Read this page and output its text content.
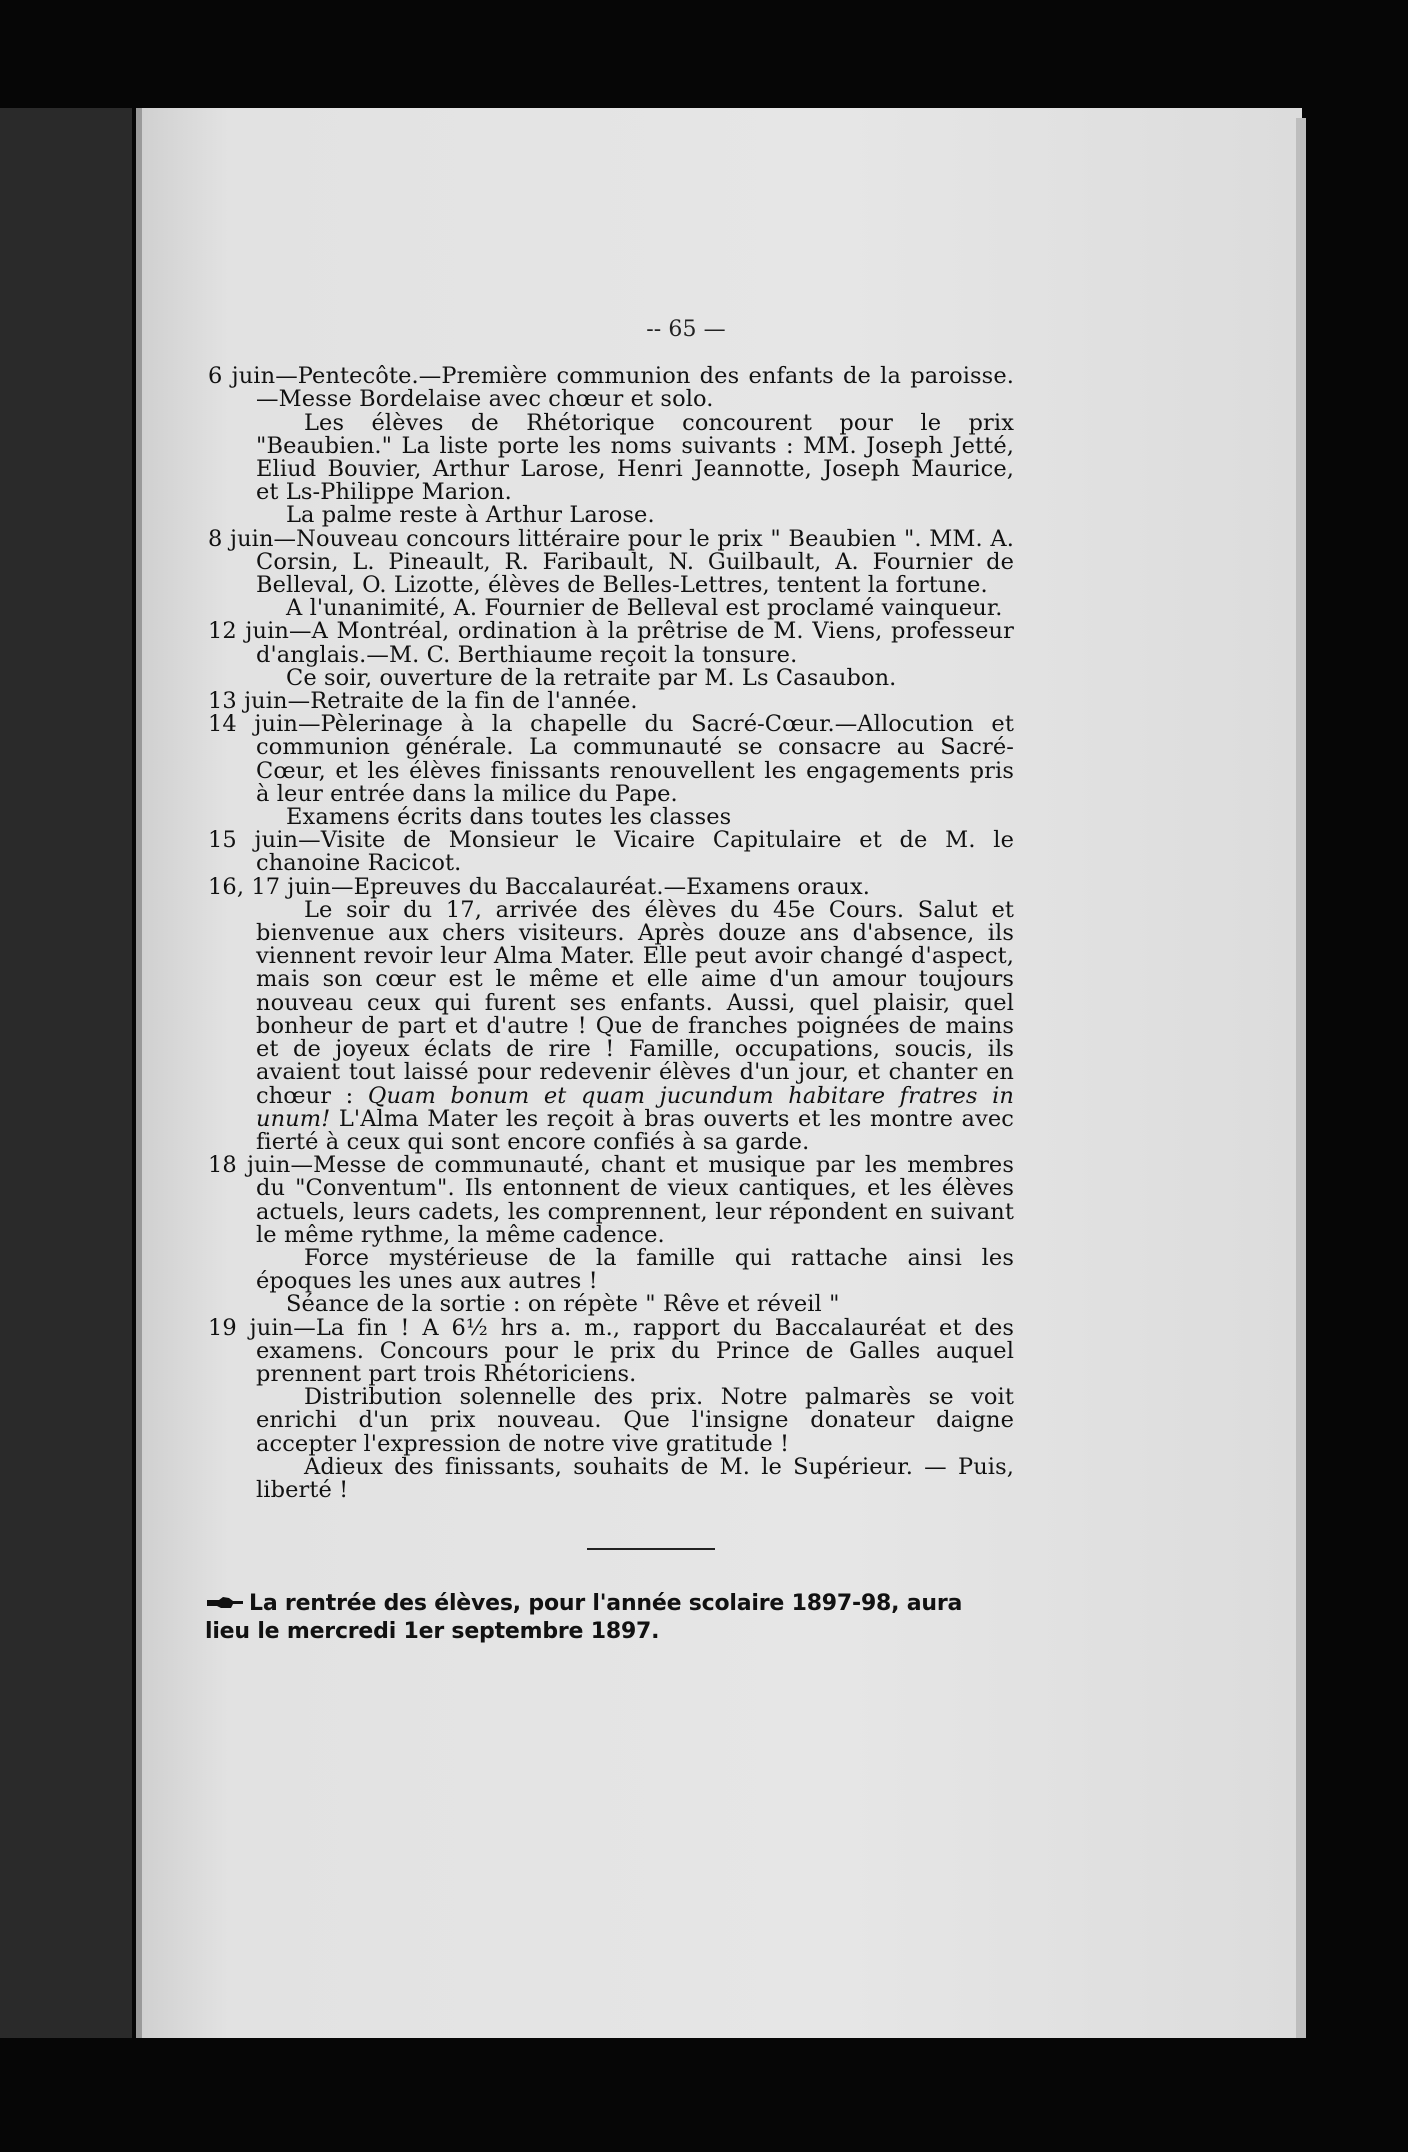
-- 65 —
6 juin—Pentecôte.—Première communion des enfants de la paroisse.—Messe Bordelaise avec chœur et solo.
Les élèves de Rhétorique concourent pour le prix "Beaubien." La liste porte les noms suivants : MM. Joseph Jetté, Eliud Bouvier, Arthur Larose, Henri Jeannotte, Joseph Maurice, et Ls-Philippe Marion.
La palme reste à Arthur Larose.
8 juin—Nouveau concours littéraire pour le prix " Beaubien ". MM. A. Corsin, L. Pineault, R. Faribault, N. Guilbault, A. Fournier de Belleval, O. Lizotte, élèves de Belles-Lettres, tentent la fortune.
A l'unanimité, A. Fournier de Belleval est proclamé vainqueur.
12 juin—A Montréal, ordination à la prêtrise de M. Viens, professeur d'anglais.—M. C. Berthiaume reçoit la tonsure.
Ce soir, ouverture de la retraite par M. Ls Casaubon.
13 juin—Retraite de la fin de l'année.
14 juin—Pèlerinage à la chapelle du Sacré-Cœur.—Allocution et communion générale. La communauté se consacre au Sacré-Cœur, et les élèves finissants renouvellent les engagements pris à leur entrée dans la milice du Pape.
Examens écrits dans toutes les classes
15 juin—Visite de Monsieur le Vicaire Capitulaire et de M. le chanoine Racicot.
16, 17 juin—Epreuves du Baccalauréat.—Examens oraux.
Le soir du 17, arrivée des élèves du 45e Cours. Salut et bienvenue aux chers visiteurs. Après douze ans d'absence, ils viennent revoir leur Alma Mater. Elle peut avoir changé d'aspect, mais son cœur est le même et elle aime d'un amour toujours nouveau ceux qui furent ses enfants. Aussi, quel plaisir, quel bonheur de part et d'autre ! Que de franches poignées de mains et de joyeux éclats de rire ! Famille, occupations, soucis, ils avaient tout laissé pour redevenir élèves d'un jour, et chanter en chœur : Quam bonum et quam jucundum habitare fratres in unum! L'Alma Mater les reçoit à bras ouverts et les montre avec fierté à ceux qui sont encore confiés à sa garde.
18 juin—Messe de communauté, chant et musique par les membres du "Conventum". Ils entonnent de vieux cantiques, et les élèves actuels, leurs cadets, les comprennent, leur répondent en suivant le même rythme, la même cadence.
Force mystérieuse de la famille qui rattache ainsi les époques les unes aux autres !
Séance de la sortie : on répète " Rêve et réveil "
19 juin—La fin ! A 6½ hrs a. m., rapport du Baccalauréat et des examens. Concours pour le prix du Prince de Galles auquel prennent part trois Rhétoriciens.
Distribution solennelle des prix. Notre palmarès se voit enrichi d'un prix nouveau. Que l'insigne donateur daigne accepter l'expression de notre vive gratitude !
Adieux des finissants, souhaits de M. le Supérieur. — Puis, liberté !
La rentrée des élèves, pour l'année scolaire 1897-98, aura lieu le mercredi 1er septembre 1897.
